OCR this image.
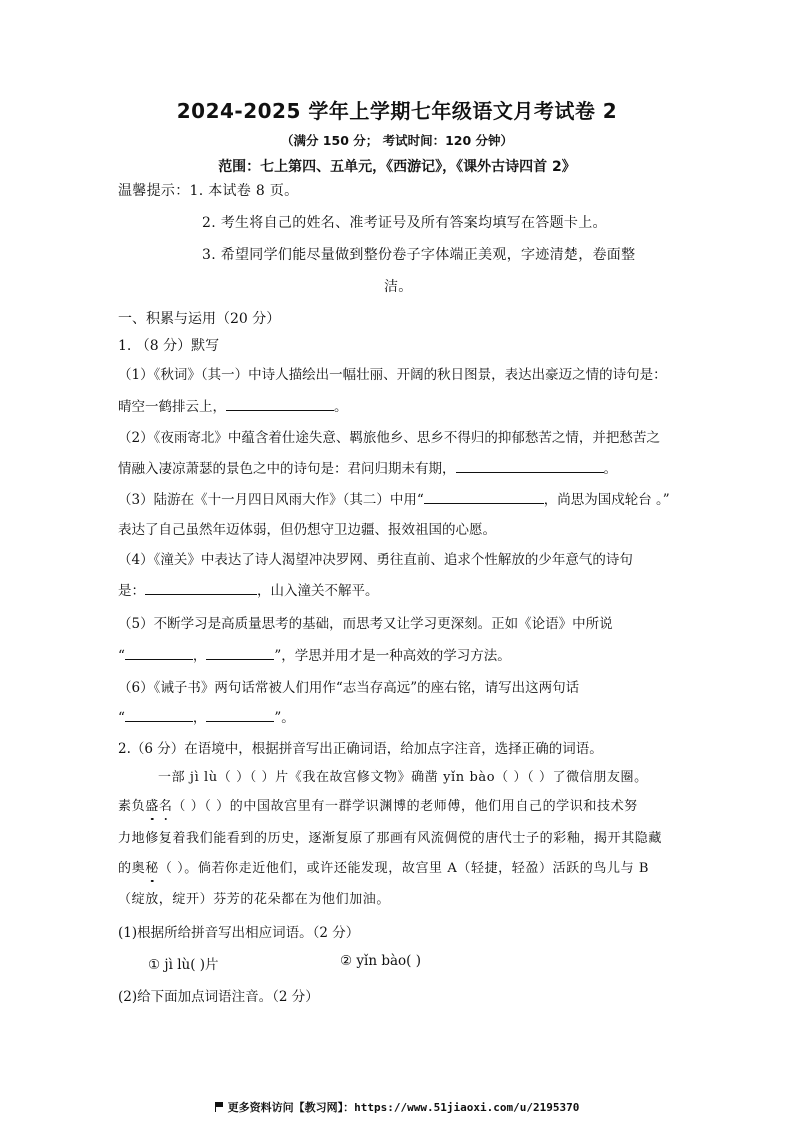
2024-2025 学年上学期七年级语文月考试卷 2
（满分 150 分； 考试时间：120 分钟）
范围：七上第四、五单元，《西游记》，《课外古诗四首 2》
温馨提示：1. 本试卷 8 页。
2. 考生将自己的姓名、准考证号及所有答案均填写在答题卡上。
3. 希望同学们能尽量做到整份卷子字体端正美观，字迹清楚，卷面整
洁。
一、积累与运用（20 分）
1. （8 分）默写
（1）《秋词》（其一）中诗人描绘出一幅壮丽、开阔的秋日图景，表达出豪迈之情的诗句是：
晴空一鹤排云上，	。
（2）《夜雨寄北》中蕴含着仕途失意、羁旅他乡、思乡不得归的抑郁愁苦之情，并把愁苦之
情融入凄凉萧瑟的景色之中的诗句是：君问归期未有期，	。
（3）陆游在《十一月四日风雨大作》（其二）中用“	，尚思为国戍轮台 。”
表达了自己虽然年迈体弱，但仍想守卫边疆、报效祖国的心愿。
（4）《潼关》中表达了诗人渴望冲决罗网、勇往直前、追求个性解放的少年意气的诗句
是：	，山入潼关不解平。
（5）不断学习是高质量思考的基础，而思考又让学习更深刻。正如《论语》中所说
“	，	”，学思并用才是一种高效的学习方法。
（6）《诫子书》两句话常被人们用作“志当存高远”的座右铭，请写出这两句话
“	，	”。
2.（6 分）在语境中，根据拼音写出正确词语，给加点字注音，选择正确的词语。
一部 jì lù（ ）（ ）片《我在故宫修文物》确凿 yǐn bào（ ）（ ）了微信朋友圈。
素负盛名（ ）（ ）的中国故宫里有一群学识渊博的老师傅，他们用自己的学识和技术努
力地修复着我们能看到的历史，逐渐复原了那画有风流倜傥的唐代士子的彩釉，揭开其隐藏
的奥秘（ ）。倘若你走近他们，或许还能发现，故宫里 A（轻捷，轻盈）活跃的鸟儿与 B
（绽放，绽开）芬芳的花朵都在为他们加油。
(1)根据所给拼音写出相应词语。（2 分）
① jì lù( )片	② yǐn bào( )
(2)给下面加点词语注音。（2 分）
更多资料访问【教习网】：https://www.51jiaoxi.com/u/2195370
